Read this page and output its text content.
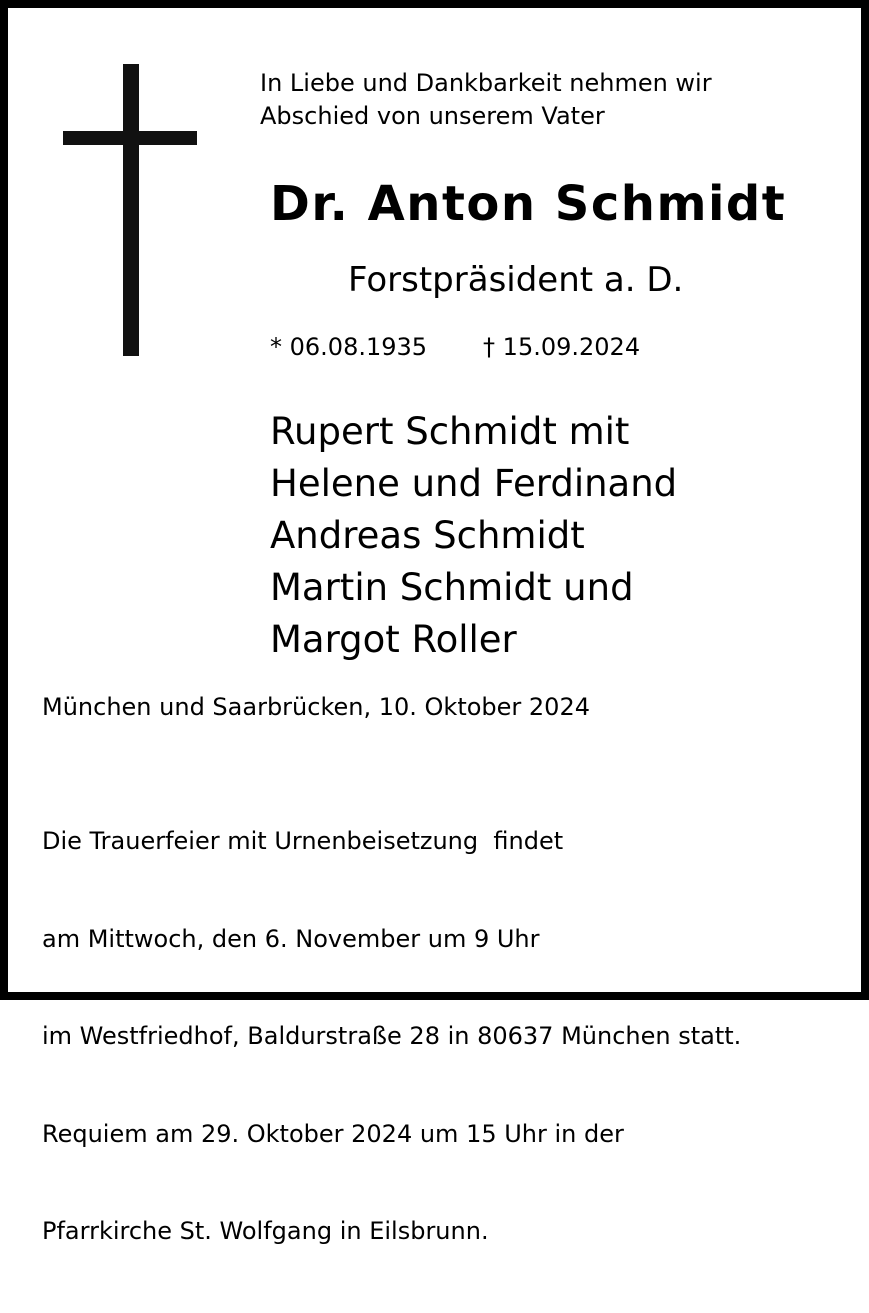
In Liebe und Dankbarkeit nehmen wir
Abschied von unserem Vater
Dr. Anton Schmidt
Forstpräsident a. D.
* 06.08.1935 † 15.09.2024
Rupert Schmidt mit
Helene und Ferdinand
Andreas Schmidt
Martin Schmidt und
Margot Roller
München und Saarbrücken, 10. Oktober 2024

Die Trauerfeier mit Urnenbeisetzung  findet

am Mittwoch, den 6. November um 9 Uhr

im Westfriedhof, Baldurstraße 28 in 80637 München statt.

Requiem am 29. Oktober 2024 um 15 Uhr in der

Pfarrkirche St. Wolfgang in Eilsbrunn.
